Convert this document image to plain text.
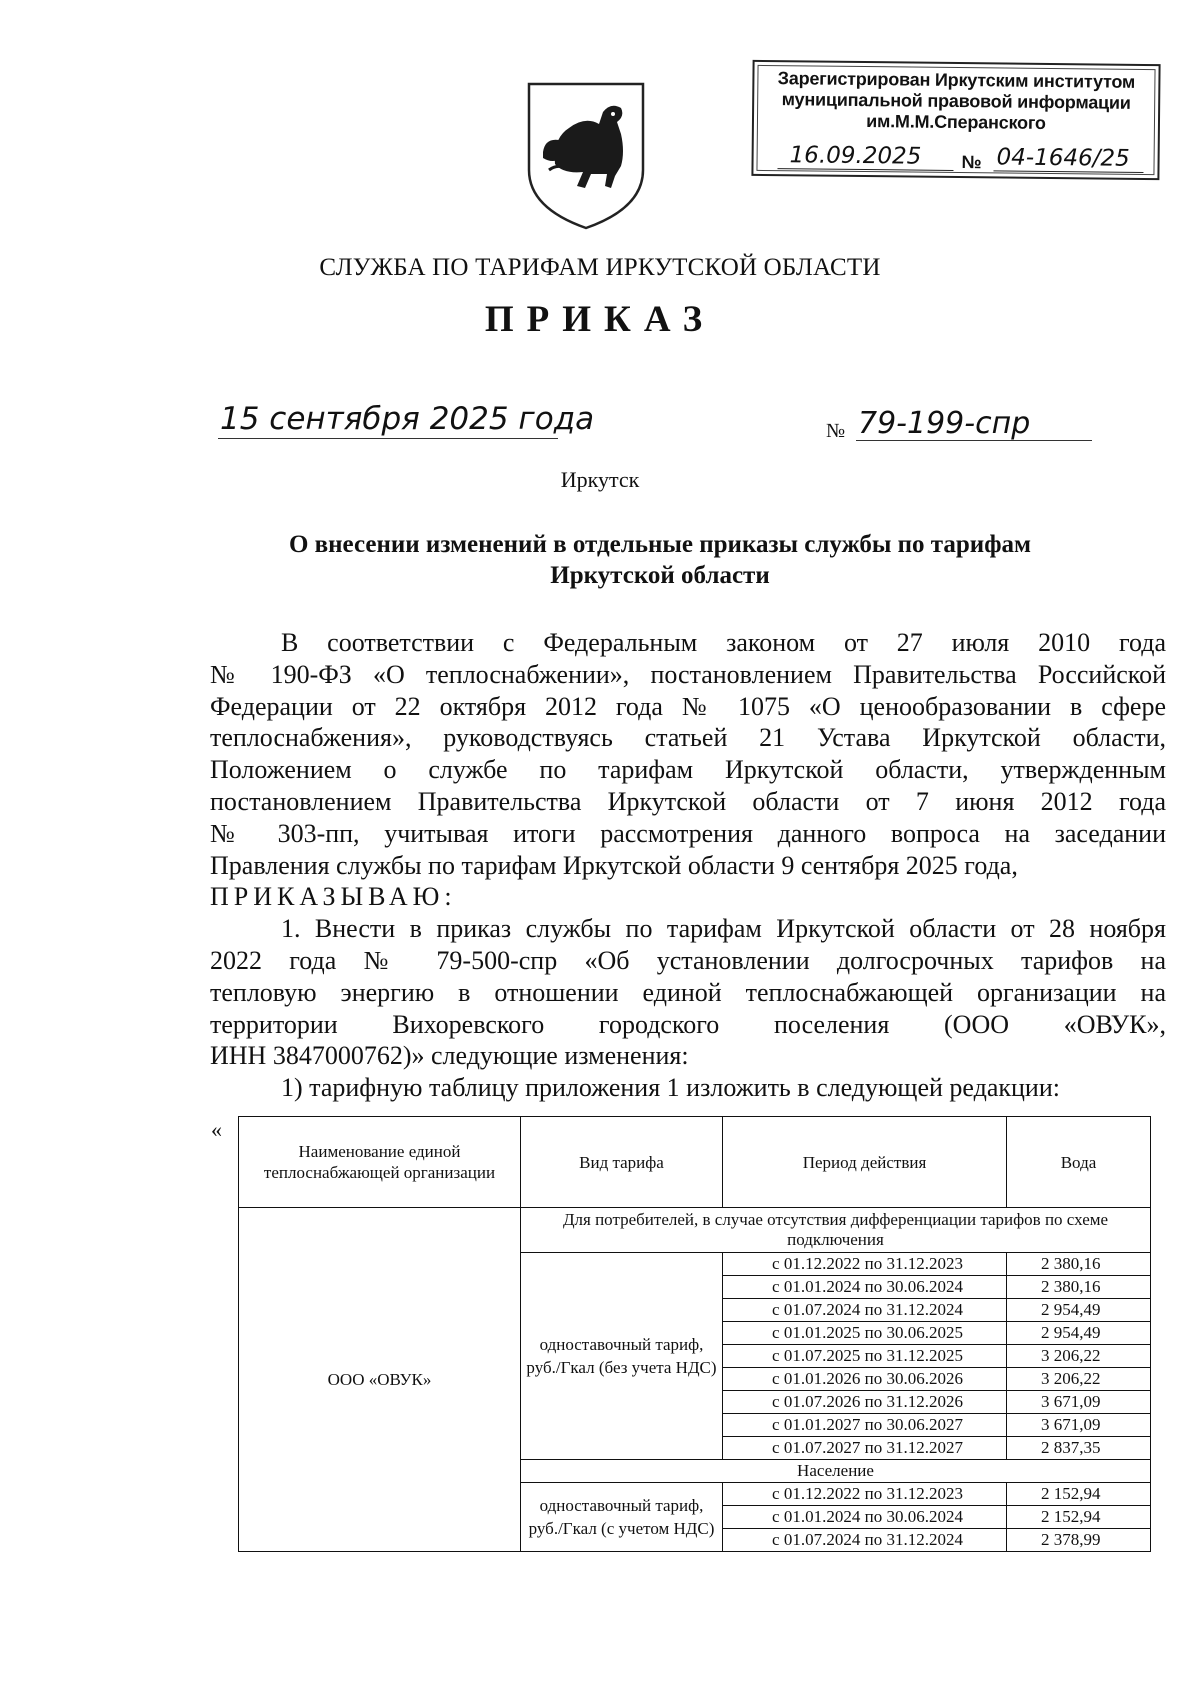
Зарегистрирован Иркутским институтом
муниципальной правовой информации
им.М.М.Сперанского
16.09.2025 № 04-1646/25
СЛУЖБА ПО ТАРИФАМ ИРКУТСКОЙ ОБЛАСТИ
ПРИКАЗ
15 сентября 2025 года	№ 79-199-спр
Иркутск
О внесении изменений в отдельные приказы службы по тарифам
Иркутской области
В соответствии с Федеральным законом от 27 июля 2010 года
№ 190-ФЗ «О теплоснабжении», постановлением Правительства Российской
Федерации от 22 октября 2012 года № 1075 «О ценообразовании в сфере
теплоснабжения», руководствуясь статьей 21 Устава Иркутской области,
Положением о службе по тарифам Иркутской области, утвержденным
постановлением Правительства Иркутской области от 7 июня 2012 года
№ 303-пп, учитывая итоги рассмотрения данного вопроса на заседании
Правления службы по тарифам Иркутской области 9 сентября 2025 года,
ПРИКАЗЫВАЮ:
1. Внести в приказ службы по тарифам Иркутской области от 28 ноября
2022 года № 79-500-спр «Об установлении долгосрочных тарифов на
тепловую энергию в отношении единой теплоснабжающей организации на
территории Вихоревского городского поселения (ООО «ОВУК»,
ИНН 3847000762)» следующие изменения:
1) тарифную таблицу приложения 1 изложить в следующей редакции:
«
Наименование единой теплоснабжающей организации	Вид тарифа	Период действия	Вода
ООО «ОВУК»	Для потребителей, в случае отсутствия дифференциации тарифов по схеме подключения		
	одноставочный тариф, руб./Гкал (без учета НДС)	с 01.12.2022 по 31.12.2023	2 380,16
		с 01.01.2024 по 30.06.2024	2 380,16
		с 01.07.2024 по 31.12.2024	2 954,49
		с 01.01.2025 по 30.06.2025	2 954,49
		с 01.07.2025 по 31.12.2025	3 206,22
		с 01.01.2026 по 30.06.2026	3 206,22
		с 01.07.2026 по 31.12.2026	3 671,09
		с 01.01.2027 по 30.06.2027	3 671,09
		с 01.07.2027 по 31.12.2027	2 837,35
	Население		
	одноставочный тариф, руб./Гкал (с учетом НДС)	с 01.12.2022 по 31.12.2023	2 152,94
		с 01.01.2024 по 30.06.2024	2 152,94
		с 01.07.2024 по 31.12.2024	2 378,99
